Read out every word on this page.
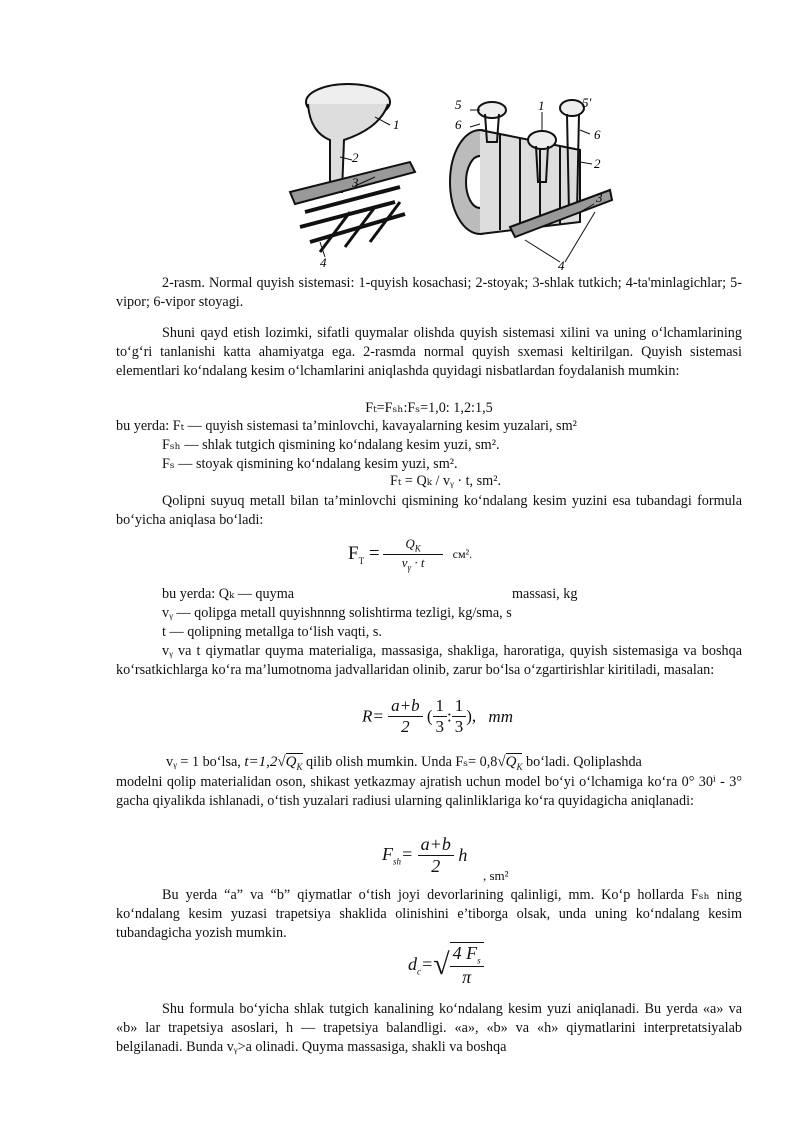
1
2
3
4
5
6
1	5'
6
2
3
4

2-rasm. Normal quyish sistemasi: 1-quyish kosachasi; 2-stoyak; 3-shlak tutkich; 4-ta'minlagichlar; 5-vipor; 6-vipor stoyagi.

Shuni qayd etish lozimki, sifatli quymalar olishda quyish sistemasi xilini va uning o‘lchamlarining to‘g‘ri tanlanishi katta ahamiyatga ega. 2-rasmda normal quyish sxemasi keltirilgan. Quyish sistemasi elementlari ko‘ndalang kesim o‘lchamlarini aniqlashda quyidagi nisbatlardan foydalanish mumkin:

Fₜ=Fₛₕ:Fₛ=1,0: 1,2:1,5
bu yerda: Fₜ — quyish sistemasi ta’minlovchi, kavayalarning kesim yuzalari, sm²
Fₛₕ — shlak tutgich qismining ko‘ndalang kesim yuzi, sm².
Fₛ — stoyak qismining ko‘ndalang kesim yuzi, sm².
Fₜ = Qₖ / vᵧ · t, sm².

Qolipni suyuq metall bilan ta’minlovchi qismining ko‘ndalang kesim yuzini esa tubandagi formula bo‘yicha aniqlasa bo‘ladi:

$F_T = \frac{Q_K}{v_\gamma \cdot t} см^2$.
bu yerda: Qₖ — quyma	massasi, kg
vᵧ — qolipga metall quyishnnng solishtirma tezligi, kg/sma, s
t — qolipning metallga to‘lish vaqti, s.

vᵧ va t qiymatlar quyma materialiga, massasiga, shakliga, haroratiga, quyish sistemasiga va boshqa ko‘rsatkichlarga ko‘ra ma’lumotnoma jadvallaridan olinib, zarur bo‘lsa o‘zgartirishlar kiritiladi, masalan:

$R= \frac{a+b}{2}$ ( $\frac{1}{3}$ : $\frac{1}{3}$ ), mm
vᵧ = 1 bo‘lsa, $t=1,2√Q_K$ qilib olish mumkin. Unda $F_s= 0,8√Q_K$ bo‘ladi. Qoliplashda

modelni qolip materialidan oson, shikast yetkazmay ajratish uchun model bo‘yi o‘lchamiga ko‘ra 0° 30ⁱ - 3° gacha qiyalikda ishlanadi, o‘tish yuzalari radiusi ularning qalinliklariga ko‘ra quyidagicha aniqlanadi:

$F_{sh}= \frac{a+b}{2}$ h
, sm²

Bu yerda “a” va “b” qiymatlar o‘tish joyi devorlarining qalinligi, mm. Ko‘p hollarda Fₛₕ ning ko‘ndalang kesim yuzasi trapetsiya shaklida olinishini e’tiborga olsak, unda uning ko‘ndalang kesim tubandagicha yozish mumkin.

$d_c=√ \frac{4 F_s}{\pi}$

Shu formula bo‘yicha shlak tutgich kanalining ko‘ndalang kesim yuzi aniqlanadi. Bu yerda «a» va «b» lar trapetsiya asoslari, h — trapetsiya balandligi. «a», «b» va «h» qiymatlarini interpretatsiyalab belgilanadi. Bunda vᵧ>a olinadi. Quyma massasiga, shakli va boshqa
